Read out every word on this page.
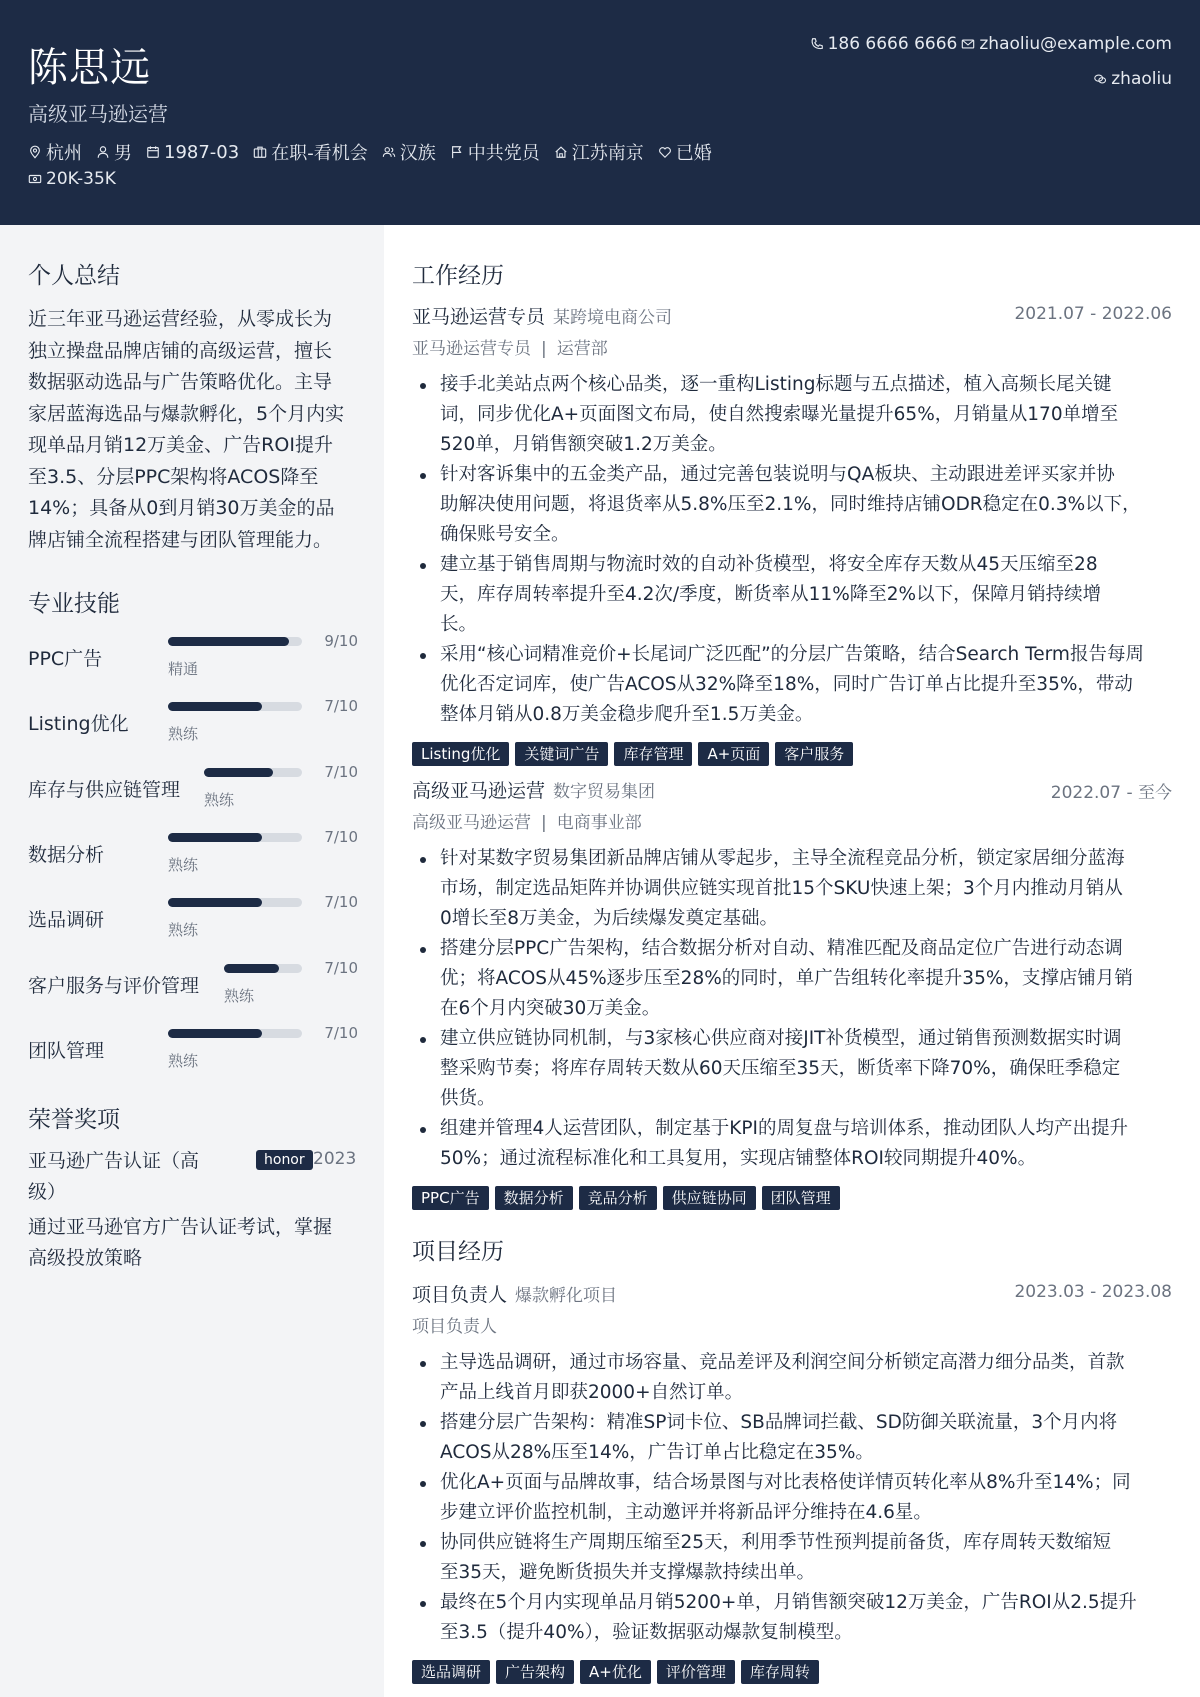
陈思远
高级亚马逊运营
186 6666 6666 zhaoliu@example.com
zhaoliu
杭州 男 1987-03 在职-看机会 汉族 中共党员 江苏南京 已婚
20K-35K
个人总结
近三年亚马逊运营经验，从零成长为
独立操盘品牌店铺的高级运营，擅长
数据驱动选品与广告策略优化。主导
家居蓝海选品与爆款孵化，5个月内实
现单品月销12万美金、广告ROI提升
至3.5、分层PPC架构将ACOS降至
14%；具备从0到月销30万美金的品
牌店铺全流程搭建与团队管理能力。
专业技能
PPC广告
9/10
精通
Listing优化
7/10
熟练
库存与供应链管理
7/10
熟练
数据分析
7/10
熟练
选品调研
7/10
熟练
客户服务与评价管理
7/10
熟练
团队管理
7/10
熟练
荣誉奖项
亚马逊广告认证（高
级）
honor 2023
通过亚马逊官方广告认证考试，掌握
高级投放策略
工作经历
亚马逊运营专员 某跨境电商公司	2021.07 - 2022.06
亚马逊运营专员 | 运营部
接手北美站点两个核心品类，逐一重构Listing标题与五点描述，植入高频长尾关键
词，同步优化A+页面图文布局，使自然搜索曝光量提升65%，月销量从170单增至
520单，月销售额突破1.2万美金。
针对客诉集中的五金类产品，通过完善包装说明与QA板块、主动跟进差评买家并协
助解决使用问题，将退货率从5.8%压至2.1%，同时维持店铺ODR稳定在0.3%以下，
确保账号安全。
建立基于销售周期与物流时效的自动补货模型，将安全库存天数从45天压缩至28
天，库存周转率提升至4.2次/季度，断货率从11%降至2%以下，保障月销持续增
长。
采用“核心词精准竞价+长尾词广泛匹配”的分层广告策略，结合Search Term报告每周
优化否定词库，使广告ACOS从32%降至18%，同时广告订单占比提升至35%，带动
整体月销从0.8万美金稳步爬升至1.5万美金。
Listing优化	关键词广告	库存管理	A+页面	客户服务
高级亚马逊运营 数字贸易集团	2022.07 - 至今
高级亚马逊运营 | 电商事业部
针对某数字贸易集团新品牌店铺从零起步，主导全流程竞品分析，锁定家居细分蓝海
市场，制定选品矩阵并协调供应链实现首批15个SKU快速上架；3个月内推动月销从
0增长至8万美金，为后续爆发奠定基础。
搭建分层PPC广告架构，结合数据分析对自动、精准匹配及商品定位广告进行动态调
优；将ACOS从45%逐步压至28%的同时，单广告组转化率提升35%，支撑店铺月销
在6个月内突破30万美金。
建立供应链协同机制，与3家核心供应商对接JIT补货模型，通过销售预测数据实时调
整采购节奏；将库存周转天数从60天压缩至35天，断货率下降70%，确保旺季稳定
供货。
组建并管理4人运营团队，制定基于KPI的周复盘与培训体系，推动团队人均产出提升
50%；通过流程标准化和工具复用，实现店铺整体ROI较同期提升40%。
PPC广告	数据分析	竞品分析	供应链协同	团队管理
项目经历
项目负责人 爆款孵化项目	2023.03 - 2023.08
项目负责人
主导选品调研，通过市场容量、竞品差评及利润空间分析锁定高潜力细分品类，首款
产品上线首月即获2000+自然订单。
搭建分层广告架构：精准SP词卡位、SB品牌词拦截、SD防御关联流量，3个月内将
ACOS从28%压至14%，广告订单占比稳定在35%。
优化A+页面与品牌故事，结合场景图与对比表格使详情页转化率从8%升至14%；同
步建立评价监控机制，主动邀评并将新品评分维持在4.6星。
协同供应链将生产周期压缩至25天，利用季节性预判提前备货，库存周转天数缩短
至35天，避免断货损失并支撑爆款持续出单。
最终在5个月内实现单品月销5200+单，月销售额突破12万美金，广告ROI从2.5提升
至3.5（提升40%），验证数据驱动爆款复制模型。
选品调研	广告架构	A+优化	评价管理	库存周转
